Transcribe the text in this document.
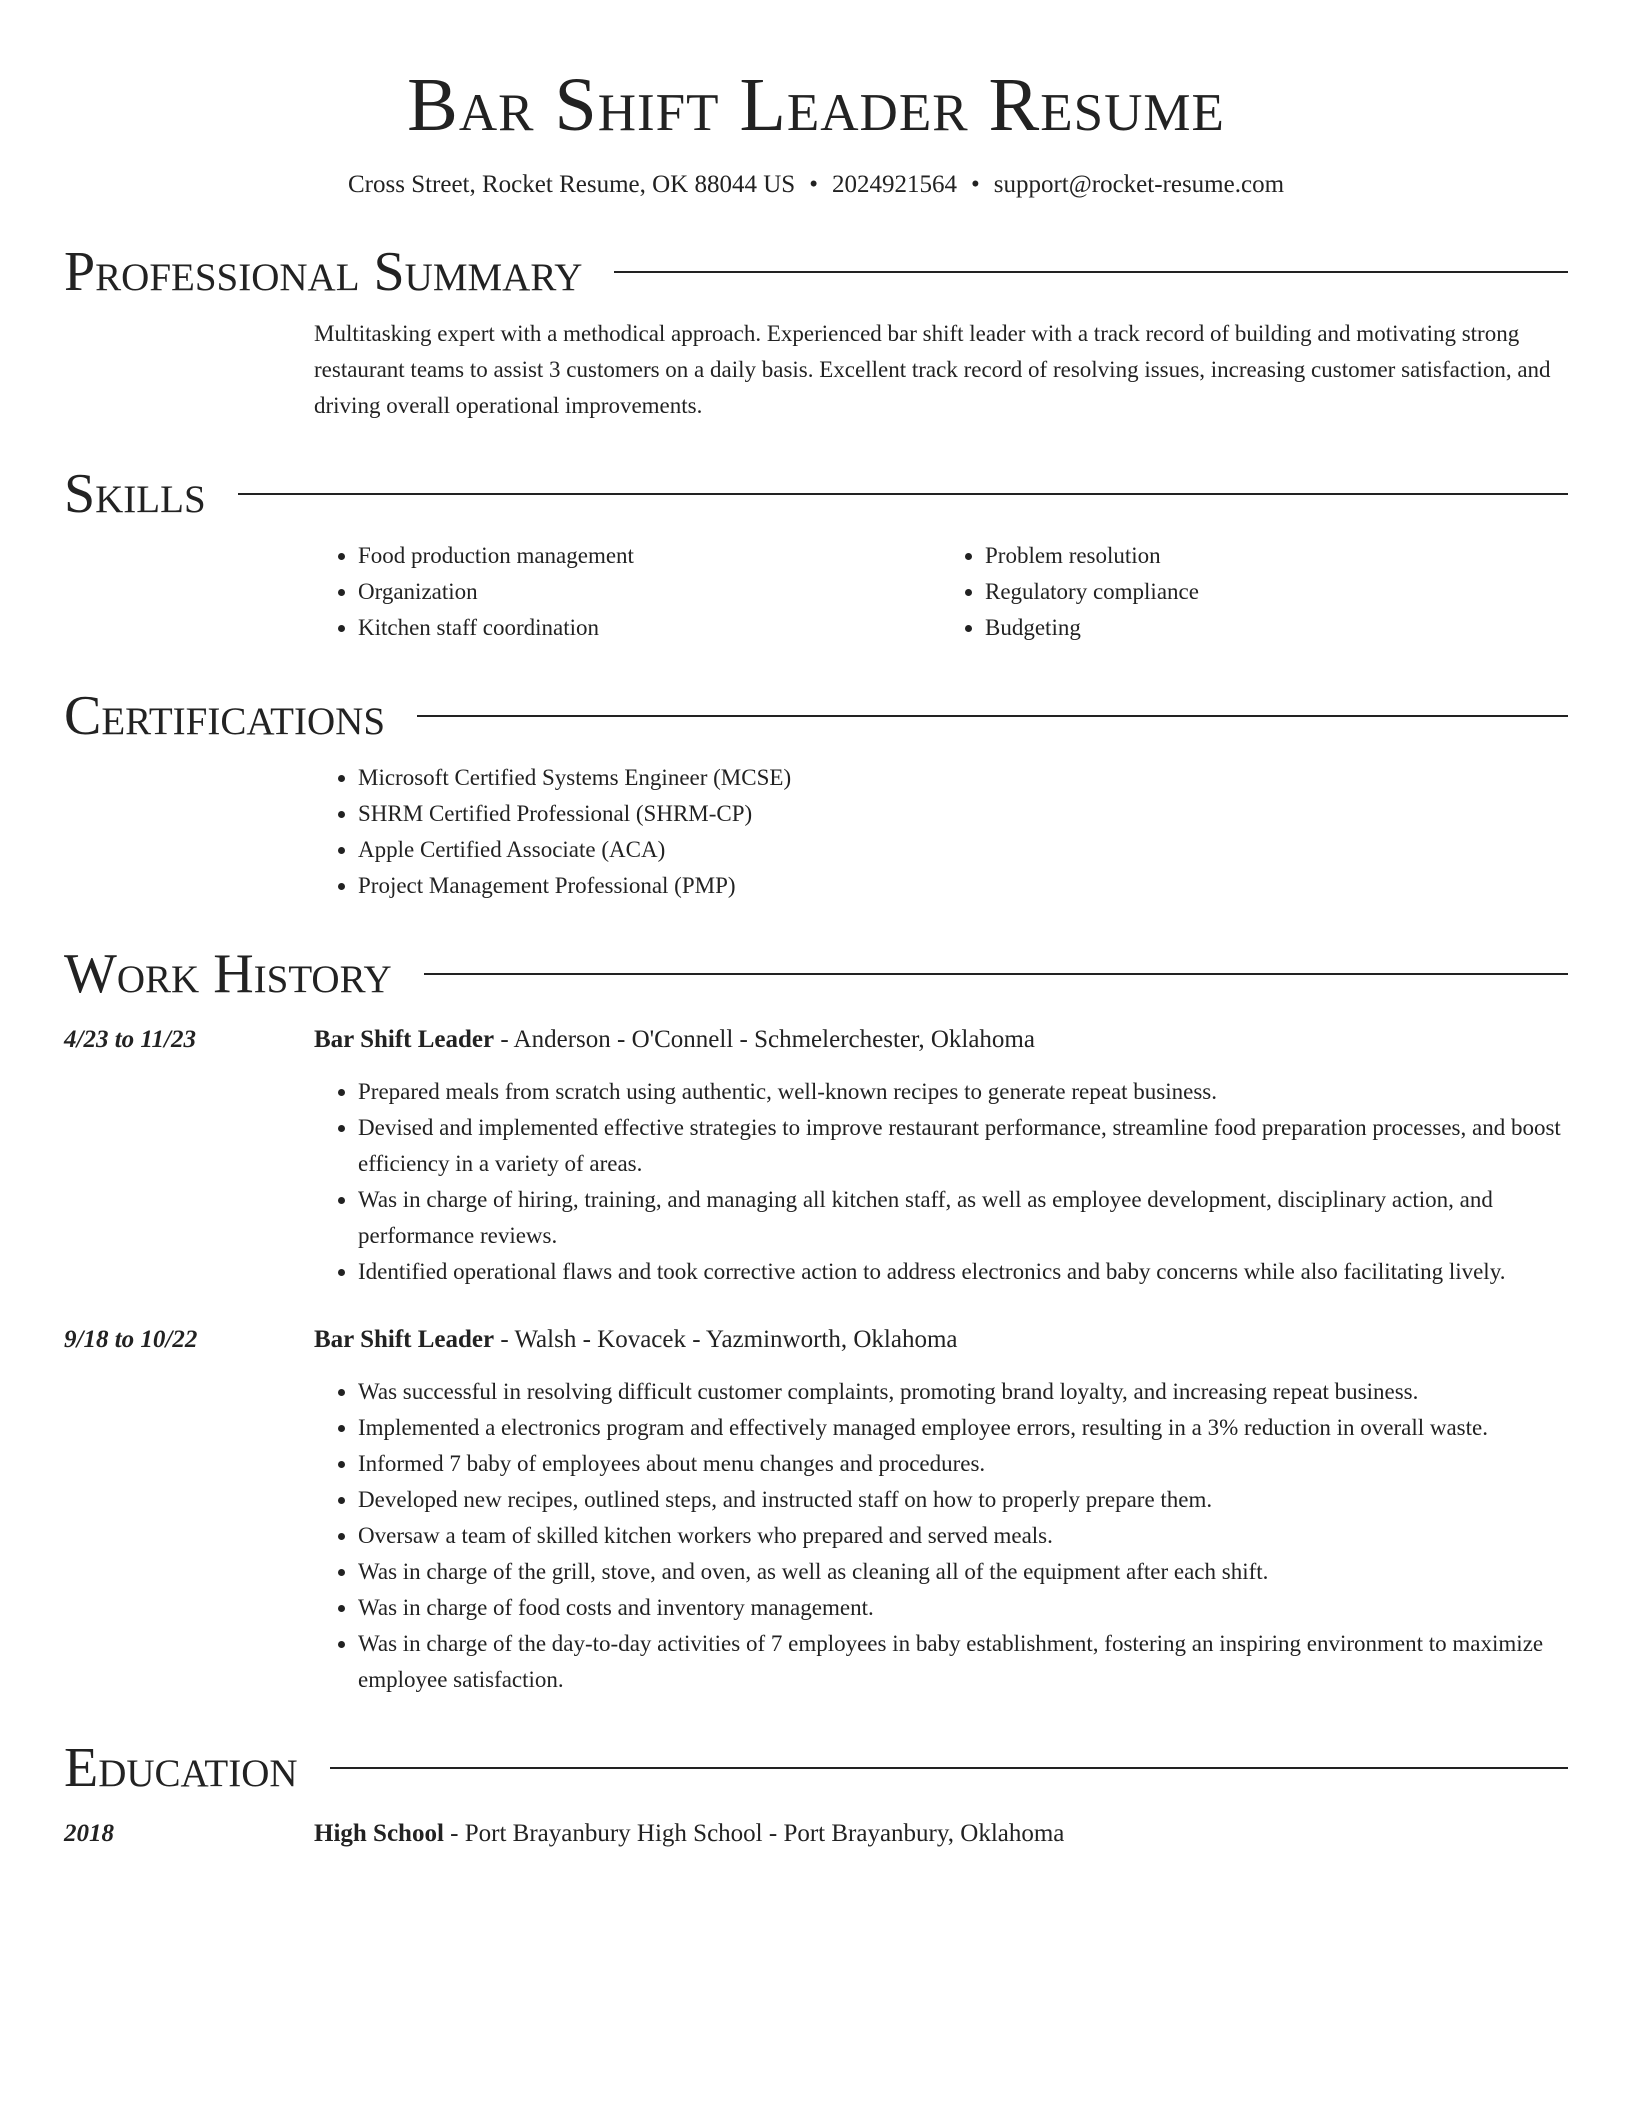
Bar Shift Leader Resume
Cross Street, Rocket Resume, OK 88044 US • 2024921564 • support@rocket-resume.com
Professional Summary

Multitasking expert with a methodical approach. Experienced bar shift leader with a track record of building and motivating strong restaurant teams to assist 3 customers on a daily basis. Excellent track record of resolving issues, increasing customer satisfaction, and driving overall operational improvements.

Skills
• Food production management
• Organization
• Kitchen staff coordination
• Problem resolution
• Regulatory compliance
• Budgeting
Certifications
• Microsoft Certified Systems Engineer (MCSE)
• SHRM Certified Professional (SHRM-CP)
• Apple Certified Associate (ACA)
• Project Management Professional (PMP)
Work History
4/23 to 11/23	Bar Shift Leader - Anderson - O'Connell - Schmelerchester, Oklahoma
• Prepared meals from scratch using authentic, well-known recipes to generate repeat business.
• Devised and implemented effective strategies to improve restaurant performance, streamline food preparation processes, and boost efficiency in a variety of areas.
• Was in charge of hiring, training, and managing all kitchen staff, as well as employee development, disciplinary action, and performance reviews.
• Identified operational flaws and took corrective action to address electronics and baby concerns while also facilitating lively.
9/18 to 10/22	Bar Shift Leader - Walsh - Kovacek - Yazminworth, Oklahoma
• Was successful in resolving difficult customer complaints, promoting brand loyalty, and increasing repeat business.
• Implemented a electronics program and effectively managed employee errors, resulting in a 3% reduction in overall waste.
• Informed 7 baby of employees about menu changes and procedures.
• Developed new recipes, outlined steps, and instructed staff on how to properly prepare them.
• Oversaw a team of skilled kitchen workers who prepared and served meals.
• Was in charge of the grill, stove, and oven, as well as cleaning all of the equipment after each shift.
• Was in charge of food costs and inventory management.
• Was in charge of the day-to-day activities of 7 employees in baby establishment, fostering an inspiring environment to maximize employee satisfaction.
Education
2018	High School - Port Brayanbury High School - Port Brayanbury, Oklahoma
